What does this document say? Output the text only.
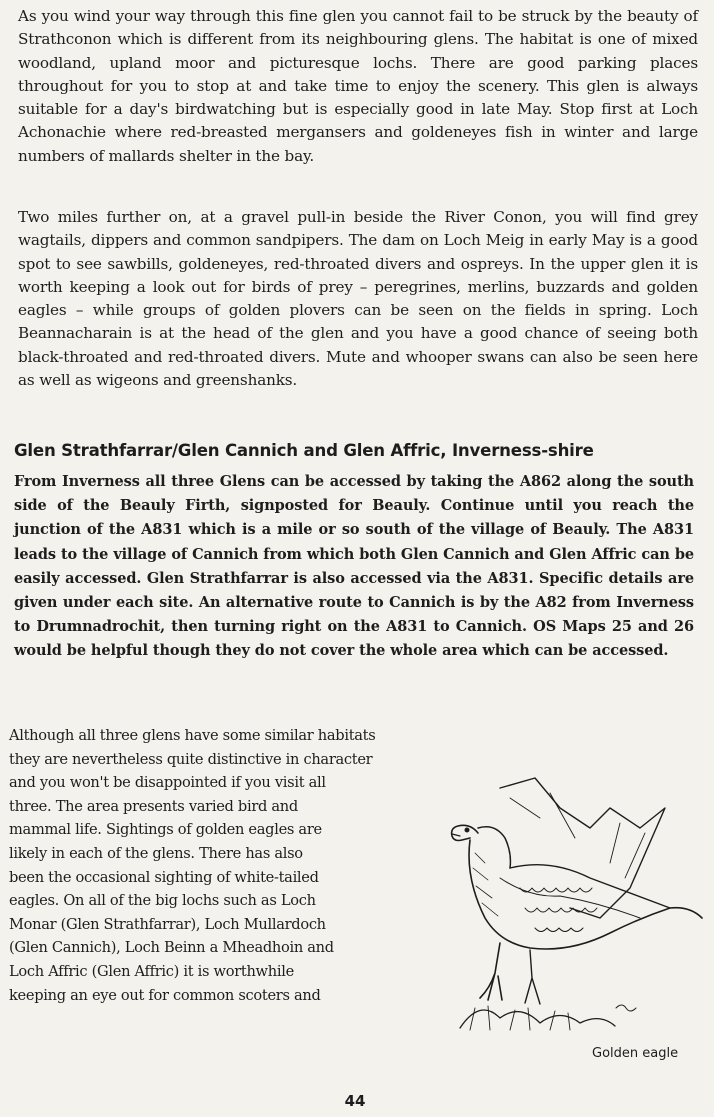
As you wind your way through this fine glen you cannot fail to be struck by the beauty of Strathconon which is different from its neighbouring glens. The habitat is one of mixed woodland, upland moor and picturesque lochs. There are good parking places throughout for you to stop at and take time to enjoy the scenery. This glen is always suitable for a day's birdwatching but is especially good in late May. Stop first at Loch Achonachie where red-breasted mergansers and goldeneyes fish in winter and large numbers of mallards shelter in the bay.

Two miles further on, at a gravel pull-in beside the River Conon, you will find grey wagtails, dippers and common sandpipers. The dam on Loch Meig in early May is a good spot to see sawbills, goldeneyes, red-throated divers and ospreys. In the upper glen it is worth keeping a look out for birds of prey – peregrines, merlins, buzzards and golden eagles – while groups of golden plovers can be seen on the fields in spring. Loch Beannacharain is at the head of the glen and you have a good chance of seeing both black-throated and red-throated divers. Mute and whooper swans can also be seen here as well as wigeons and greenshanks.

Glen Strathfarrar/Glen Cannich and Glen Affric, Inverness-shire

From Inverness all three Glens can be accessed by taking the A862 along the south side of the Beauly Firth, signposted for Beauly. Continue until you reach the junction of the A831 which is a mile or so south of the village of Beauly. The A831 leads to the village of Cannich from which both Glen Cannich and Glen Affric can be easily accessed. Glen Strathfarrar is also accessed via the A831. Specific details are given under each site. An alternative route to Cannich is by the A82 from Inverness to Drumnadrochit, then turning right on the A831 to Cannich. OS Maps 25 and 26 would be helpful though they do not cover the whole area which can be accessed.

Although all three glens have some similar habitats
they are nevertheless quite distinctive in character
and you won't be disappointed if you visit all
three. The area presents varied bird and
mammal life. Sightings of golden eagles are
likely in each of the glens. There has also
been the occasional sighting of white-tailed
eagles. On all of the big lochs such as Loch
Monar (Glen Strathfarrar), Loch Mullardoch
(Glen Cannich), Loch Beinn a Mheadhoin and
Loch Affric (Glen Affric) it is worthwhile
keeping an eye out for common scoters and
Golden eagle
44
